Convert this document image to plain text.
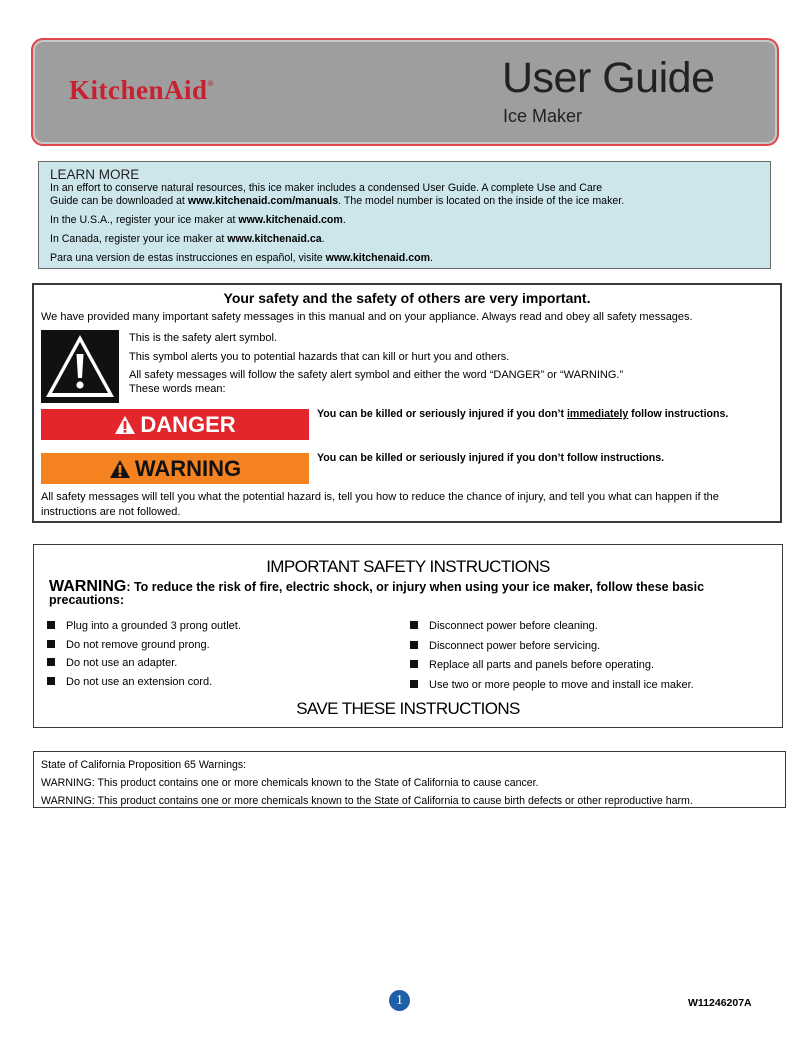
KitchenAid®	User Guide
Ice Maker
LEARN MORE

In an effort to conserve natural resources, this ice maker includes a condensed User Guide. A complete Use and Care
Guide can be downloaded at www.kitchenaid.com/manuals. The model number is located on the inside of the ice maker.

In the U.S.A., register your ice maker at www.kitchenaid.com.

In Canada, register your ice maker at www.kitchenaid.ca.

Para una version de estas instrucciones en español, visite www.kitchenaid.com.

Your safety and the safety of others are very important.
We have provided many important safety messages in this manual and on your appliance. Always read and obey all safety messages.
This is the safety alert symbol.
This symbol alerts you to potential hazards that can kill or hurt you and others.
All safety messages will follow the safety alert symbol and either the word “DANGER” or “WARNING.”
These words mean:
DANGER	You can be killed or seriously injured if you don’t immediately follow instructions.
WARNING	You can be killed or seriously injured if you don’t follow instructions.
All safety messages will tell you what the potential hazard is, tell you how to reduce the chance of injury, and tell you what can happen if the instructions are not followed.
IMPORTANT SAFETY INSTRUCTIONS
WARNING: To reduce the risk of fire, electric shock, or injury when using your ice maker, follow these basic precautions:
Plug into a grounded 3 prong outlet.
Do not remove ground prong.
Do not use an adapter.
Do not use an extension cord.
Disconnect power before cleaning.
Disconnect power before servicing.
Replace all parts and panels before operating.
Use two or more people to move and install ice maker.
SAVE THESE INSTRUCTIONS

State of California Proposition 65 Warnings:

WARNING: This product contains one or more chemicals known to the State of California to cause cancer.

WARNING: This product contains one or more chemicals known to the State of California to cause birth defects or other reproductive harm.

1	W11246207A
